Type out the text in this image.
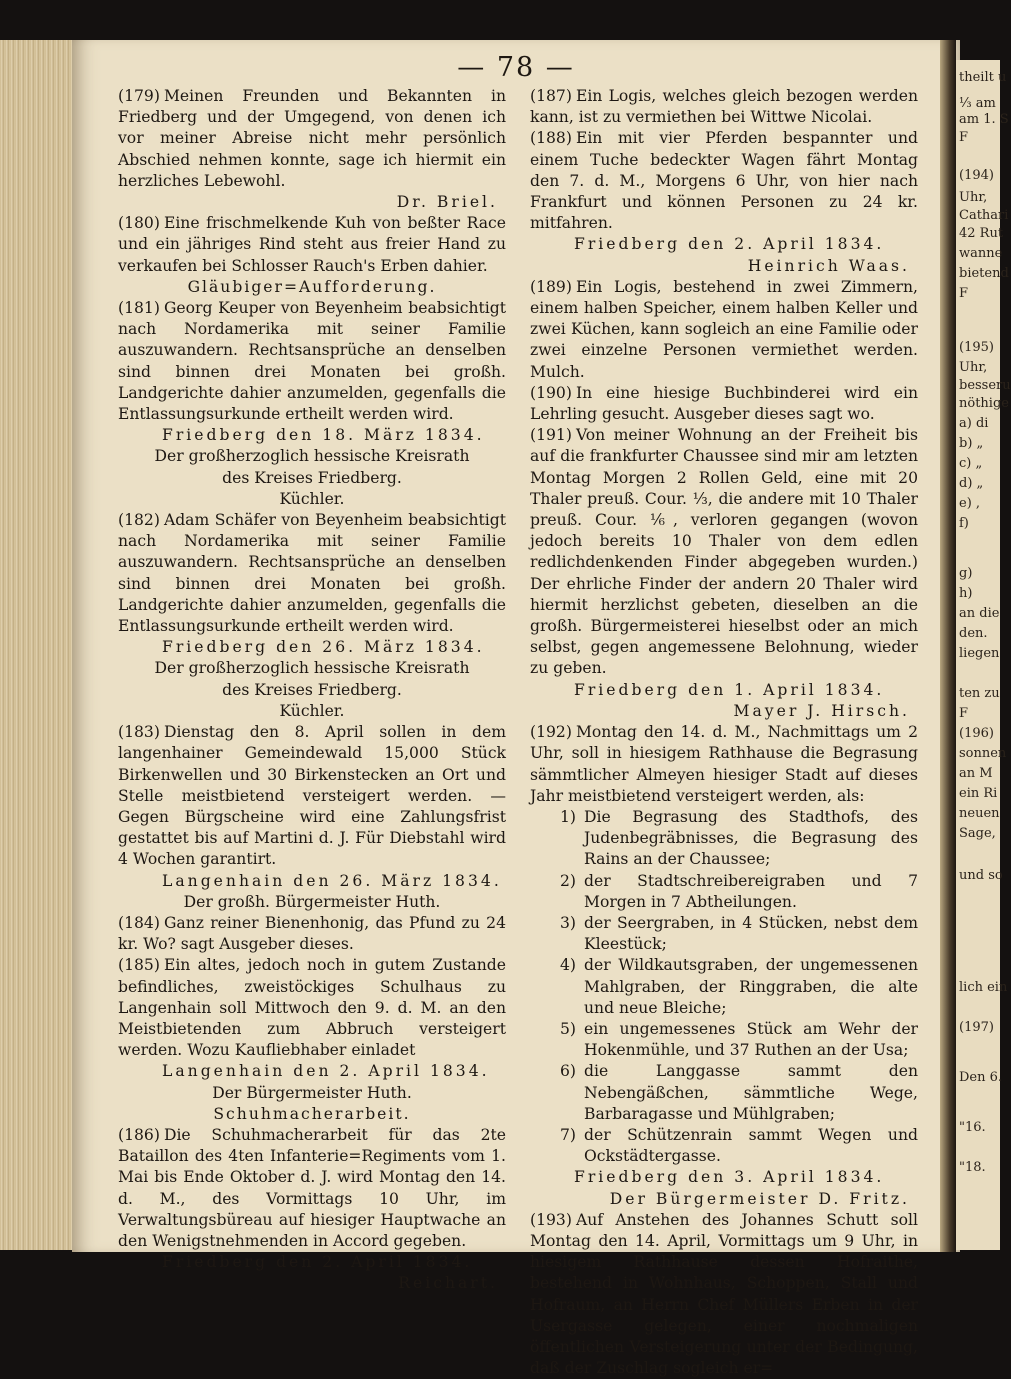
— 78 —

(179) Meinen Freunden und Bekannten in Friedberg und der Umgegend, von denen ich vor meiner Abreise nicht mehr persönlich Abschied nehmen konnte, sage ich hiermit ein herzliches Lebewohl.

Dr. Briel.

(180) Eine frischmelkende Kuh von beßter Race und ein jähriges Rind steht aus freier Hand zu verkaufen bei Schlosser Rauch's Erben dahier.

Gläubiger=Aufforderung.

(181) Georg Keuper von Beyenheim beabsichtigt nach Nordamerika mit seiner Familie auszuwandern. Rechtsansprüche an denselben sind binnen drei Monaten bei großh. Landgerichte dahier anzumelden, gegenfalls die Entlassungsurkunde ertheilt werden wird.

Friedberg den 18. März 1834.

Der großherzoglich hessische Kreisrath

des Kreises Friedberg.

Küchler.

(182) Adam Schäfer von Beyenheim beabsichtigt nach Nordamerika mit seiner Familie auszuwandern. Rechtsansprüche an denselben sind binnen drei Monaten bei großh. Landgerichte dahier anzumelden, gegenfalls die Entlassungsurkunde ertheilt werden wird.

Friedberg den 26. März 1834.

Der großherzoglich hessische Kreisrath

des Kreises Friedberg.

Küchler.

(183) Dienstag den 8. April sollen in dem langenhainer Gemeindewald 15,000 Stück Birkenwellen und 30 Birkenstecken an Ort und Stelle meistbietend versteigert werden. — Gegen Bürgscheine wird eine Zahlungsfrist gestattet bis auf Martini d. J. Für Diebstahl wird 4 Wochen garantirt.

Langenhain den 26. März 1834.

Der großh. Bürgermeister Huth.

(184) Ganz reiner Bienenhonig, das Pfund zu 24 kr. Wo? sagt Ausgeber dieses.

(185) Ein altes, jedoch noch in gutem Zustande befindliches, zweistöckiges Schulhaus zu Langenhain soll Mittwoch den 9. d. M. an den Meistbietenden zum Abbruch versteigert werden. Wozu Kaufliebhaber einladet

Langenhain den 2. April 1834.

Der Bürgermeister Huth.

Schuhmacherarbeit.

(186) Die Schuhmacherarbeit für das 2te Bataillon des 4ten Infanterie=Regiments vom 1. Mai bis Ende Oktober d. J. wird Montag den 14. d. M., des Vormittags 10 Uhr, im Verwaltungsbüreau auf hiesiger Hauptwache an den Wenigstnehmenden in Accord gegeben.

Friedberg den 2. April 1834.

Reichart.

(187) Ein Logis, welches gleich bezogen werden kann, ist zu vermiethen bei Wittwe Nicolai.

(188) Ein mit vier Pferden bespannter und einem Tuche bedeckter Wagen fährt Montag den 7. d. M., Morgens 6 Uhr, von hier nach Frankfurt und können Personen zu 24 kr. mitfahren.

Friedberg den 2. April 1834.

Heinrich Waas.

(189) Ein Logis, bestehend in zwei Zimmern, einem halben Speicher, einem halben Keller und zwei Küchen, kann sogleich an eine Familie oder zwei einzelne Personen vermiethet werden. Mulch.

(190) In eine hiesige Buchbinderei wird ein Lehrling gesucht. Ausgeber dieses sagt wo.

(191) Von meiner Wohnung an der Freiheit bis auf die frankfurter Chaussee sind mir am letzten Montag Morgen 2 Rollen Geld, eine mit 20 Thaler preuß. Cour. ⅓, die andere mit 10 Thaler preuß. Cour. ⅙, verloren gegangen (wovon jedoch bereits 10 Thaler von dem edlen redlichdenkenden Finder abgegeben wurden.) Der ehrliche Finder der andern 20 Thaler wird hiermit herzlichst gebeten, dieselben an die großh. Bürgermeisterei hieselbst oder an mich selbst, gegen angemessene Belohnung, wieder zu geben.

Friedberg den 1. April 1834.

Mayer J. Hirsch.

(192) Montag den 14. d. M., Nachmittags um 2 Uhr, soll in hiesigem Rathhause die Begrasung sämmtlicher Almeyen hiesiger Stadt auf dieses Jahr meistbietend versteigert werden, als:

1) Die Begrasung des Stadthofs, des Judenbegräbnisses, die Begrasung des Rains an der Chaussee;
2) der Stadtschreibereigraben und 7 Morgen in 7 Abtheilungen.
3) der Seergraben, in 4 Stücken, nebst dem Kleestück;
4) der Wildkautsgraben, der ungemessenen Mahlgraben, der Ringgraben, die alte und neue Bleiche;
5) ein ungemessenes Stück am Wehr der Hokenmühle, und 37 Ruthen an der Usa;
6) die Langgasse sammt den Nebengäßchen, sämmtliche Wege, Barbaragasse und Mühlgraben;
7) der Schützenrain sammt Wegen und Ockstädtergasse.

Friedberg den 3. April 1834.

Der Bürgermeister D. Fritz.

(193) Auf Anstehen des Johannes Schutt soll Montag den 14. April, Vormittags um 9 Uhr, in hiesigem Rathhause dessen Hofraithe, bestehend in Wohnhaus, Schoppen, Stall und Hofraum, an Herrn Chef Müllers Erben in der Usergasse gelegen, einer nochmaligen öffentlichen Versteigerung unter der Bedingung, daß der Zuschlag sogleich er=

theilt u
⅓ am
am 1. S
F
(194)
Uhr,
Cathari
42 Rut
wanne
bietend
F
(195)
Uhr,
besseru
nöthige
a) di
b) „
c) „
d) „
e) ,
f)
g)
h)
an die
den.
liegen
ten zu
F
(196)
sonnen
an M
ein Ri
neuen
Sage,
und so
lich ein
(197)
Den 6.
"16.
"18.
